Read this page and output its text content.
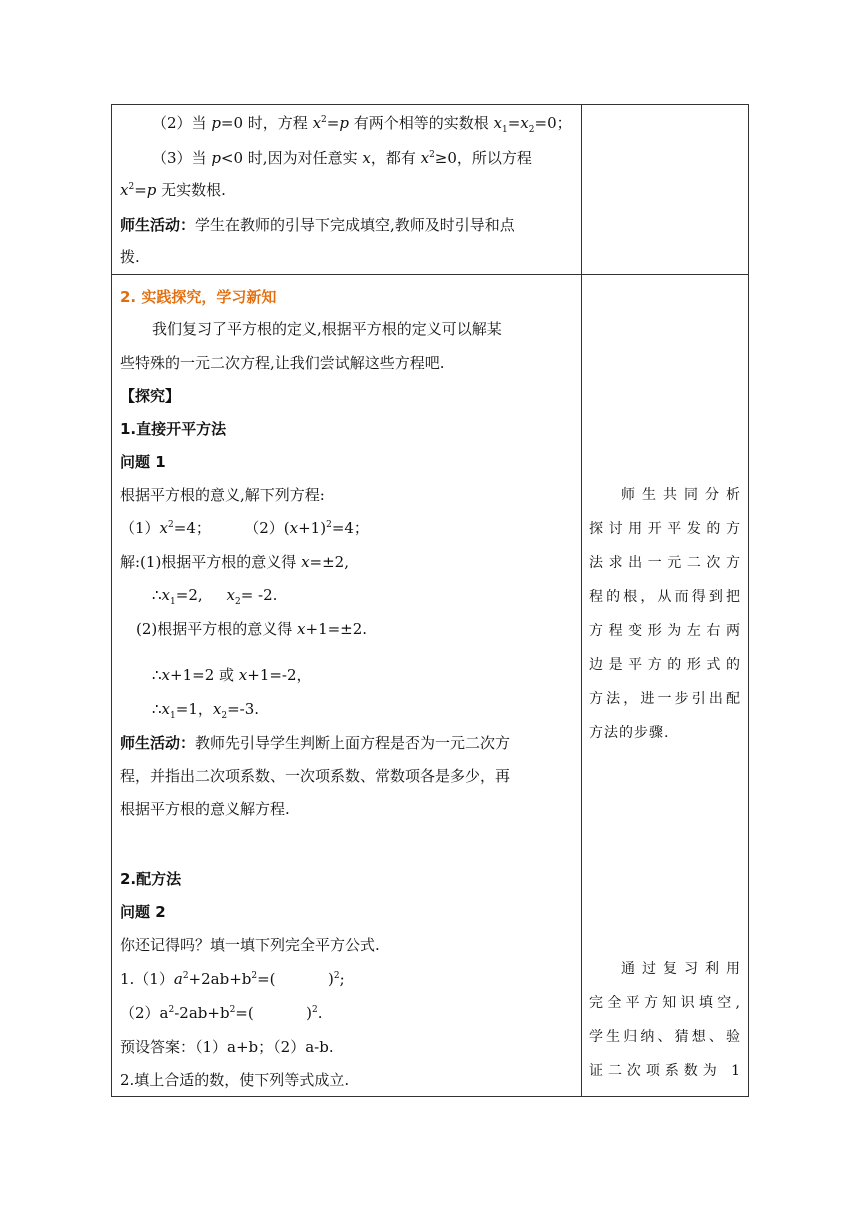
（2）当 p=0 时，方程 $x^2=p$ 有两个相等的实数根 $x_1=x_2=0$；
（3）当 p<0 时,因为对任意实 x，都有 $x^2\ge 0$，所以方程
$x^2=p$ 无实数根.
师生活动：学生在教师的引导下完成填空,教师及时引导和点
拨.
2. 实践探究，学习新知
我们复习了平方根的定义,根据平方根的定义可以解某
些特殊的一元二次方程,让我们尝试解这些方程吧.
【探究】
1.直接开平方法
问题 1
根据平方根的意义,解下列方程:
$(1)x^2=4$；       $(2)(x+1)^2=4$；
解:(1)根据平方根的意义得 x=±2,
$\therefore x_1=2$,     $x_2= -2$.
(2)根据平方根的意义得 x+1=±2.
∴x+1=2 或 x+1=-2，
$\therefore x_1=1$，$x_2=-3$.
师生活动：教师先引导学生判断上面方程是否为一元二次方
程，并指出二次项系数、一次项系数、常数项各是多少，再
根据平方根的意义解方程.
2.配方法
问题 2
你还记得吗？填一填下列完全平方公式.
$1.(1)a^2+2ab+b^2=$(           )$^2$;
$(2)a^2-2ab+b^2=$(           )$^2$.
预设答案：（1）a+b；（2）a-b.
2.填上合适的数，使下列等式成立.
师生共同分析
探讨用开平发的方
法求出一元二次方
程的根，从而得到把
方程变形为左右两
边是平方的形式的
方法，进一步引出配
方法的步骤.
通过复习利用
完全平方知识填空,
学生归纳、猜想、验
证二次项系数为 1
